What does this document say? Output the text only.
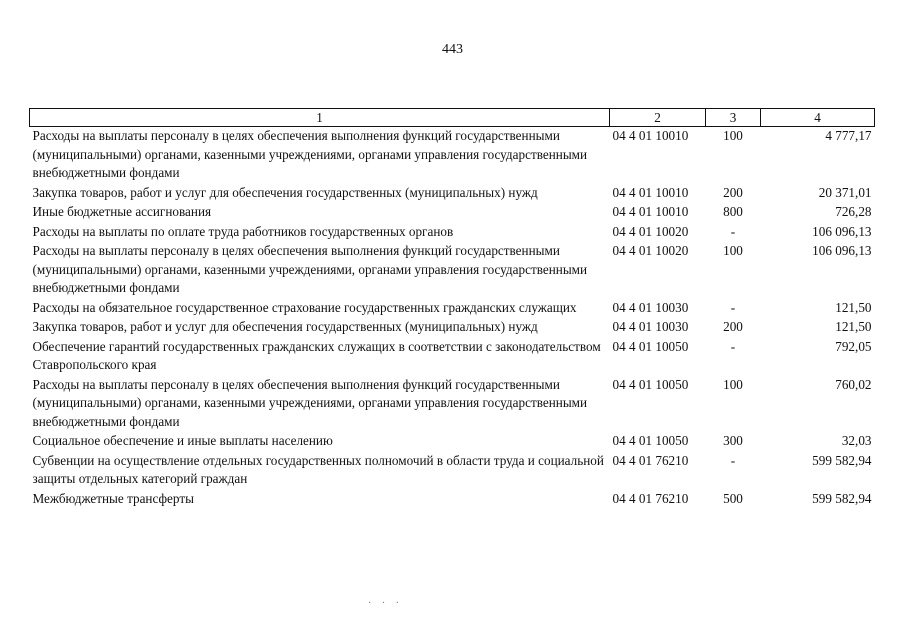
443
1	2	3	4
Расходы на выплаты персоналу в целях обеспечения выполнения функций государственными (муниципальными) органами, казенными учреждениями, органами управления государственными внебюджетными фондами	04 4 01 10010	100	4 777,17
Закупка товаров, работ и услуг для обеспечения государственных (муниципальных) нужд	04 4 01 10010	200	20 371,01
Иные бюджетные ассигнования	04 4 01 10010	800	726,28
Расходы на выплаты по оплате труда работников государственных органов	04 4 01 10020	-	106 096,13
Расходы на выплаты персоналу в целях обеспечения выполнения функций государственными (муниципальными) органами, казенными учреждениями, органами управления государственными внебюджетными фондами	04 4 01 10020	100	106 096,13
Расходы на обязательное государственное страхование государственных гражданских служащих	04 4 01 10030	-	121,50
Закупка товаров, работ и услуг для обеспечения государственных (муниципальных) нужд	04 4 01 10030	200	121,50
Обеспечение гарантий государственных гражданских служащих в соответствии с законодательством Ставропольского края	04 4 01 10050	-	792,05
Расходы на выплаты персоналу в целях обеспечения выполнения функций государственными (муниципальными) органами, казенными учреждениями, органами управления государственными внебюджетными фондами	04 4 01 10050	100	760,02
Социальное обеспечение и иные выплаты населению	04 4 01 10050	300	32,03
Субвенции на осуществление отдельных государственных полномочий в области труда и социальной защиты отдельных категорий граждан	04 4 01 76210	-	599 582,94
Межбюджетные трансферты	04 4 01 76210	500	599 582,94
· · ·
